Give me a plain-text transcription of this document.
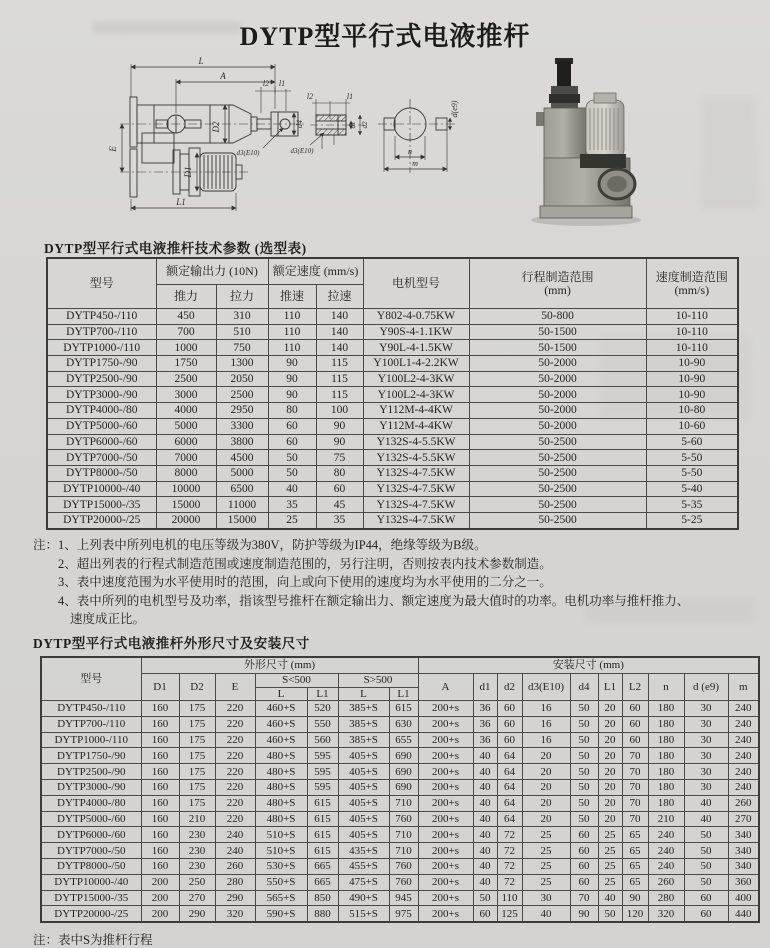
DYTP型平行式电液推杆
L
A
l2 l1
D2	d4
d3(E10)
E
D1
L1
l2	l1
d1 d2
d3(E10)
d(e9)
n
m
DYTP型平行式电液推杆技术参数 (选型表)
型号	额定输出力 (10N)	额定速度 (mm/s)	电机型号	行程制造范围
(mm)

速度制造范围
(mm/s)

	推力	拉力	推速	拉速			
DYTP450-/110	450	310	110	140	Y802-4-0.75KW	50-800	10-110
DYTP700-/110	700	510	110	140	Y90S-4-1.1KW	50-1500	10-110
DYTP1000-/110	1000	750	110	140	Y90L-4-1.5KW	50-1500	10-110
DYTP1750-/90	1750	1300	90	115	Y100L1-4-2.2KW	50-2000	10-90
DYTP2500-/90	2500	2050	90	115	Y100L2-4-3KW	50-2000	10-90
DYTP3000-/90	3000	2500	90	115	Y100L2-4-3KW	50-2000	10-90
DYTP4000-/80	4000	2950	80	100	Y112M-4-4KW	50-2000	10-80
DYTP5000-/60	5000	3300	60	90	Y112M-4-4KW	50-2000	10-60
DYTP6000-/60	6000	3800	60	90	Y132S-4-5.5KW	50-2500	5-60
DYTP7000-/50	7000	4500	50	75	Y132S-4-5.5KW	50-2500	5-50
DYTP8000-/50	8000	5000	50	80	Y132S-4-7.5KW	50-2500	5-50
DYTP10000-/40	10000	6500	40	60	Y132S-4-7.5KW	50-2500	5-40
DYTP15000-/35	15000	11000	35	45	Y132S-4-7.5KW	50-2500	5-35
DYTP20000-/25	20000	15000	25	35	Y132S-4-7.5KW	50-2500	5-25
注：1、上列表中所列电机的电压等级为380V，防护等级为IP44，绝缘等级为B级。
2、超出列表的行程式制造范围或速度制造范围的，另行注明，否则按表内技术参数制造。
3、表中速度范围为水平使用时的范围，向上或向下使用的速度均为水平使用的二分之一。
4、表中所列的电机型号及功率，指该型号推杆在额定输出力、额定速度为最大值时的功率。电机功率与推杆推力、
速度成正比。
DYTP型平行式电液推杆外形尺寸及安装尺寸
型号	外形尺寸 (mm)							安装尺寸 (mm)									
	D1	D2	E	S<500		S>500		A	d1	d2	d3(E10)	d4	L1	L2	n	d (e9)	m
				L	L1	L	L1										
DYTP450-/110	160	175	220	460+S	520	385+S	615	200+s	36	60	16	50	20	60	180	30	240
DYTP700-/110	160	175	220	460+S	550	385+S	630	200+s	36	60	16	50	20	60	180	30	240
DYTP1000-/110	160	175	220	460+S	560	385+S	655	200+s	36	60	16	50	20	60	180	30	240
DYTP1750-/90	160	175	220	480+S	595	405+S	690	200+s	40	64	20	50	20	70	180	30	240
DYTP2500-/90	160	175	220	480+S	595	405+S	690	200+s	40	64	20	50	20	70	180	30	240
DYTP3000-/90	160	175	220	480+S	595	405+S	690	200+s	40	64	20	50	20	70	180	30	240
DYTP4000-/80	160	175	220	480+S	615	405+S	710	200+s	40	64	20	50	20	70	180	40	260
DYTP5000-/60	160	210	220	480+S	615	405+S	760	200+s	40	64	20	50	20	70	210	40	270
DYTP6000-/60	160	230	240	510+S	615	405+S	710	200+s	40	72	25	60	25	65	240	50	340
DYTP7000-/50	160	230	240	510+S	615	435+S	710	200+s	40	72	25	60	25	65	240	50	340
DYTP8000-/50	160	230	260	530+S	665	455+S	760	200+s	40	72	25	60	25	65	240	50	340
DYTP10000-/40	200	250	280	550+S	665	475+S	760	200+s	40	72	25	60	25	65	260	50	360
DYTP15000-/35	200	270	290	565+S	850	490+S	945	200+s	50	110	30	70	40	90	280	60	400
DYTP20000-/25	200	290	320	590+S	880	515+S	975	200+s	60	125	40	90	50	120	320	60	440
注：表中S为推杆行程
